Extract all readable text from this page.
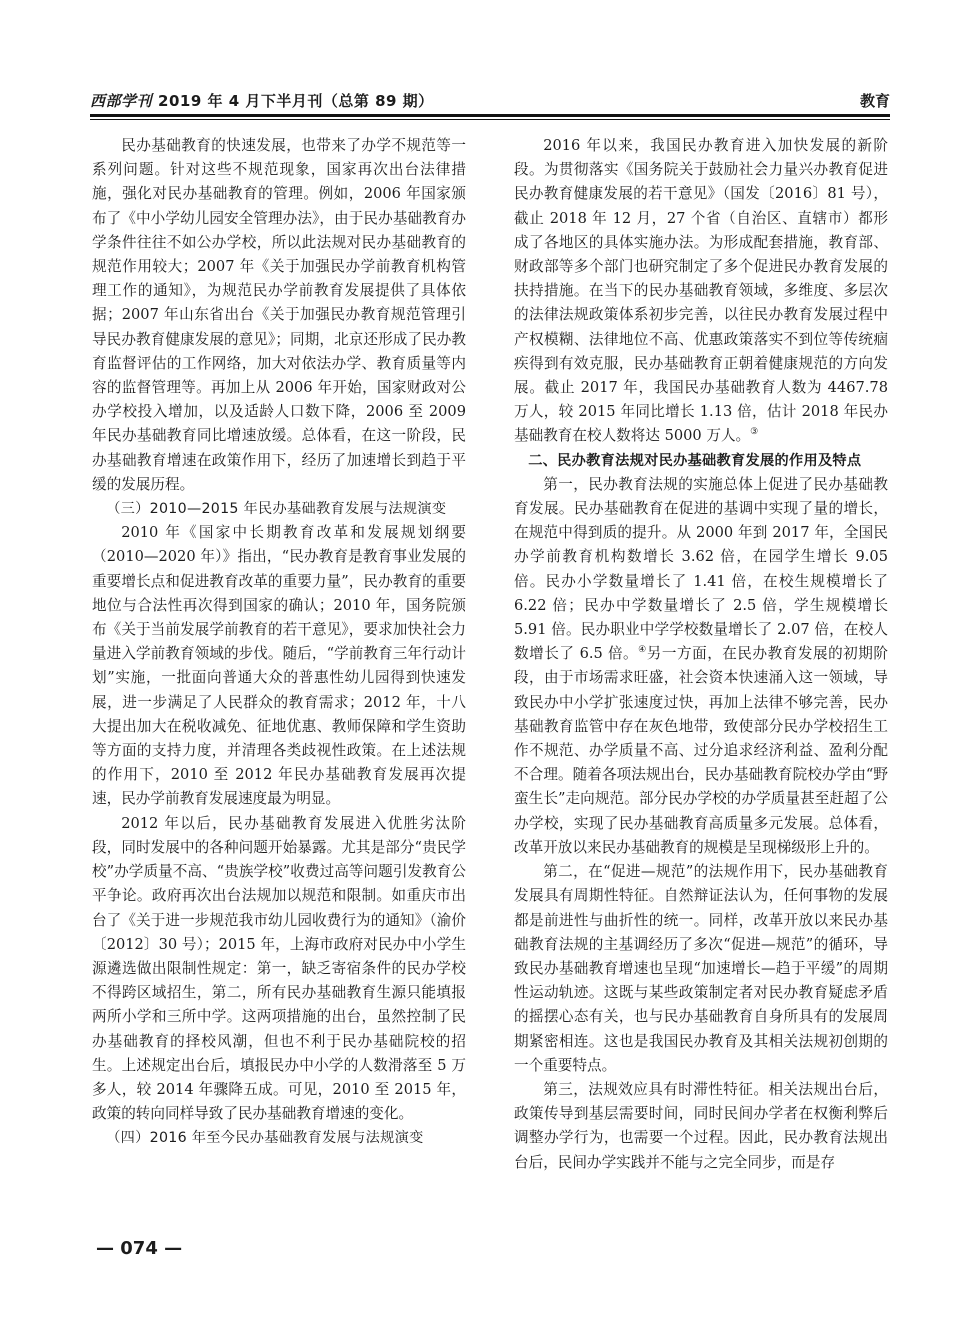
西部学刊 2019 年 4 月下半月刊（总第 89 期）	教育

民办基础教育的快速发展，也带来了办学不规范等一系列问题。针对这些不规范现象，国家再次出台法律措施，强化对民办基础教育的管理。例如，2006 年国家颁布了《中小学幼儿园安全管理办法》，由于民办基础教育办学条件往往不如公办学校，所以此法规对民办基础教育的规范作用较大；2007 年《关于加强民办学前教育机构管理工作的通知》，为规范民办学前教育发展提供了具体依据；2007 年山东省出台《关于加强民办教育规范管理引导民办教育健康发展的意见》；同期，北京还形成了民办教育监督评估的工作网络，加大对依法办学、教育质量等内容的监督管理等。再加上从 2006 年开始，国家财政对公办学校投入增加，以及适龄人口数下降，2006 至 2009 年民办基础教育同比增速放缓。总体看，在这一阶段，民办基础教育增速在政策作用下，经历了加速增长到趋于平缓的发展历程。

（三）2010—2015 年民办基础教育发展与法规演变

2010 年《国家中长期教育改革和发展规划纲要（2010—2020 年）》指出，“民办教育是教育事业发展的重要增长点和促进教育改革的重要力量”，民办教育的重要地位与合法性再次得到国家的确认；2010 年，国务院颁布《关于当前发展学前教育的若干意见》，要求加快社会力量进入学前教育领域的步伐。随后，“学前教育三年行动计划”实施，一批面向普通大众的普惠性幼儿园得到快速发展，进一步满足了人民群众的教育需求；2012 年，十八大提出加大在税收减免、征地优惠、教师保障和学生资助等方面的支持力度，并清理各类歧视性政策。在上述法规的作用下，2010 至 2012 年民办基础教育发展再次提速，民办学前教育发展速度最为明显。

2012 年以后，民办基础教育发展进入优胜劣汰阶段，同时发展中的各种问题开始暴露。尤其是部分“贵民学校”办学质量不高、“贵族学校”收费过高等问题引发教育公平争论。政府再次出台法规加以规范和限制。如重庆市出台了《关于进一步规范我市幼儿园收费行为的通知》（渝价〔2012〕30 号）；2015 年，上海市政府对民办中小学生源遴选做出限制性规定：第一，缺乏寄宿条件的民办学校不得跨区域招生，第二，所有民办基础教育生源只能填报两所小学和三所中学。这两项措施的出台，虽然控制了民办基础教育的择校风潮，但也不利于民办基础院校的招生。上述规定出台后，填报民办中小学的人数滑落至 5 万多人，较 2014 年骤降五成。可见，2010 至 2015 年，政策的转向同样导致了民办基础教育增速的变化。

（四）2016 年至今民办基础教育发展与法规演变

2016 年以来，我国民办教育进入加快发展的新阶段。为贯彻落实《国务院关于鼓励社会力量兴办教育促进民办教育健康发展的若干意见》（国发〔2016〕81 号），截止 2018 年 12 月，27 个省（自治区、直辖市）都形成了各地区的具体实施办法。为形成配套措施，教育部、财政部等多个部门也研究制定了多个促进民办教育发展的扶持措施。在当下的民办基础教育领域，多维度、多层次的法律法规政策体系初步完善，以往民办教育发展过程中产权模糊、法律地位不高、优惠政策落实不到位等传统痼疾得到有效克服，民办基础教育正朝着健康规范的方向发展。截止 2017 年，我国民办基础教育人数为 4467.78 万人，较 2015 年同比增长 1.13 倍，估计 2018 年民办基础教育在校人数将达 5000 万人。③

二、民办教育法规对民办基础教育发展的作用及特点

第一，民办教育法规的实施总体上促进了民办基础教育发展。民办基础教育在促进的基调中实现了量的增长，在规范中得到质的提升。从 2000 年到 2017 年，全国民办学前教育机构数增长 3.62 倍，在园学生增长 9.05 倍。民办小学数量增长了 1.41 倍，在校生规模增长了 6.22 倍；民办中学数量增长了 2.5 倍，学生规模增长 5.91 倍。民办职业中学学校数量增长了 2.07 倍，在校人数增长了 6.5 倍。④另一方面，在民办教育发展的初期阶段，由于市场需求旺盛，社会资本快速涌入这一领域，导致民办中小学扩张速度过快，再加上法律不够完善，民办基础教育监管中存在灰色地带，致使部分民办学校招生工作不规范、办学质量不高、过分追求经济利益、盈利分配不合理。随着各项法规出台，民办基础教育院校办学由“野蛮生长”走向规范。部分民办学校的办学质量甚至赶超了公办学校，实现了民办基础教育高质量多元发展。总体看，改革开放以来民办基础教育的规模是呈现梯级形上升的。

第二，在“促进—规范”的法规作用下，民办基础教育发展具有周期性特征。自然辩证法认为，任何事物的发展都是前进性与曲折性的统一。同样，改革开放以来民办基础教育法规的主基调经历了多次“促进—规范”的循环，导致民办基础教育增速也呈现“加速增长—趋于平缓”的周期性运动轨迹。这既与某些政策制定者对民办教育疑虑矛盾的摇摆心态有关，也与民办基础教育自身所具有的发展周期紧密相连。这也是我国民办教育及其相关法规初创期的一个重要特点。

第三，法规效应具有时滞性特征。相关法规出台后，政策传导到基层需要时间，同时民间办学者在权衡利弊后调整办学行为，也需要一个过程。因此，民办教育法规出台后，民间办学实践并不能与之完全同步，而是存

— 074 —
